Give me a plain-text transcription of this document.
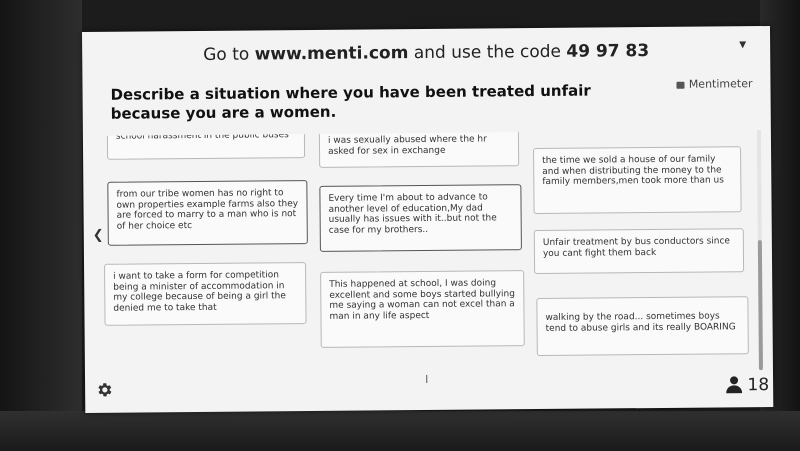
Go to www.menti.com and use the code 49 97 83	▼
Describe a situation where you have been treated unfair because you are a women.
Mentimeter
school harassment in the public buses	i was sexually abused where the hr asked for sex in exchange
the time we sold a house of our family and when distributing the money to the family members,men took more than us
from our tribe women has no right to own properties example farms also they are forced to marry to a man who is not of her choice etc
Every time I'm about to advance to another level of education,My dad usually has issues with it..but not the case for my brothers..
Unfair treatment by bus conductors since you cant fight them back
i want to take a form for competition being a minister of accommodation in my college because of being a girl the denied me to take that
This happened at school, I was doing excellent and some boys started bullying me saying a woman can not excel than a man in any life aspect	walking by the road... sometimes boys tend to abuse girls and its really BOARING
❮
I	18
